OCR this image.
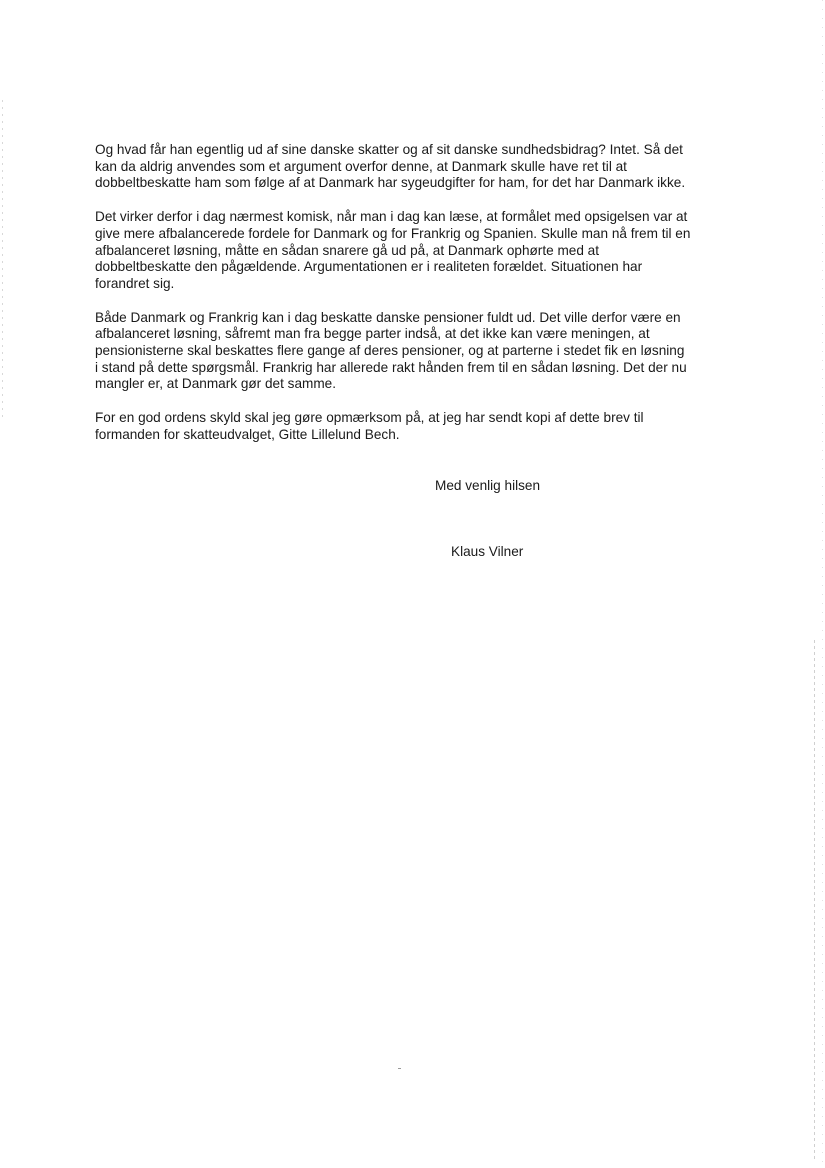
Og hvad får han egentlig ud af sine danske skatter og af sit danske sundhedsbidrag? Intet. Så det
kan da aldrig anvendes som et argument overfor denne, at Danmark skulle have ret til at
dobbeltbeskatte ham som følge af at Danmark har sygeudgifter for ham, for det har Danmark ikke.

Det virker derfor i dag nærmest komisk, når man i dag kan læse, at formålet med opsigelsen var at
give mere afbalancerede fordele for Danmark og for Frankrig og Spanien. Skulle man nå frem til en
afbalanceret løsning, måtte en sådan snarere gå ud på, at Danmark ophørte med at
dobbeltbeskatte den pågældende. Argumentationen er i realiteten forældet. Situationen har
forandret sig.

Både Danmark og Frankrig kan i dag beskatte danske pensioner fuldt ud. Det ville derfor være en
afbalanceret løsning, såfremt man fra begge parter indså, at det ikke kan være meningen, at
pensionisterne skal beskattes flere gange af deres pensioner, og at parterne i stedet fik en løsning
i stand på dette spørgsmål. Frankrig har allerede rakt hånden frem til en sådan løsning. Det der nu
mangler er, at Danmark gør det samme.

For en god ordens skyld skal jeg gøre opmærksom på, at jeg har sendt kopi af dette brev til
formanden for skatteudvalget, Gitte Lillelund Bech.

Med venlig hilsen
Klaus Vilner
